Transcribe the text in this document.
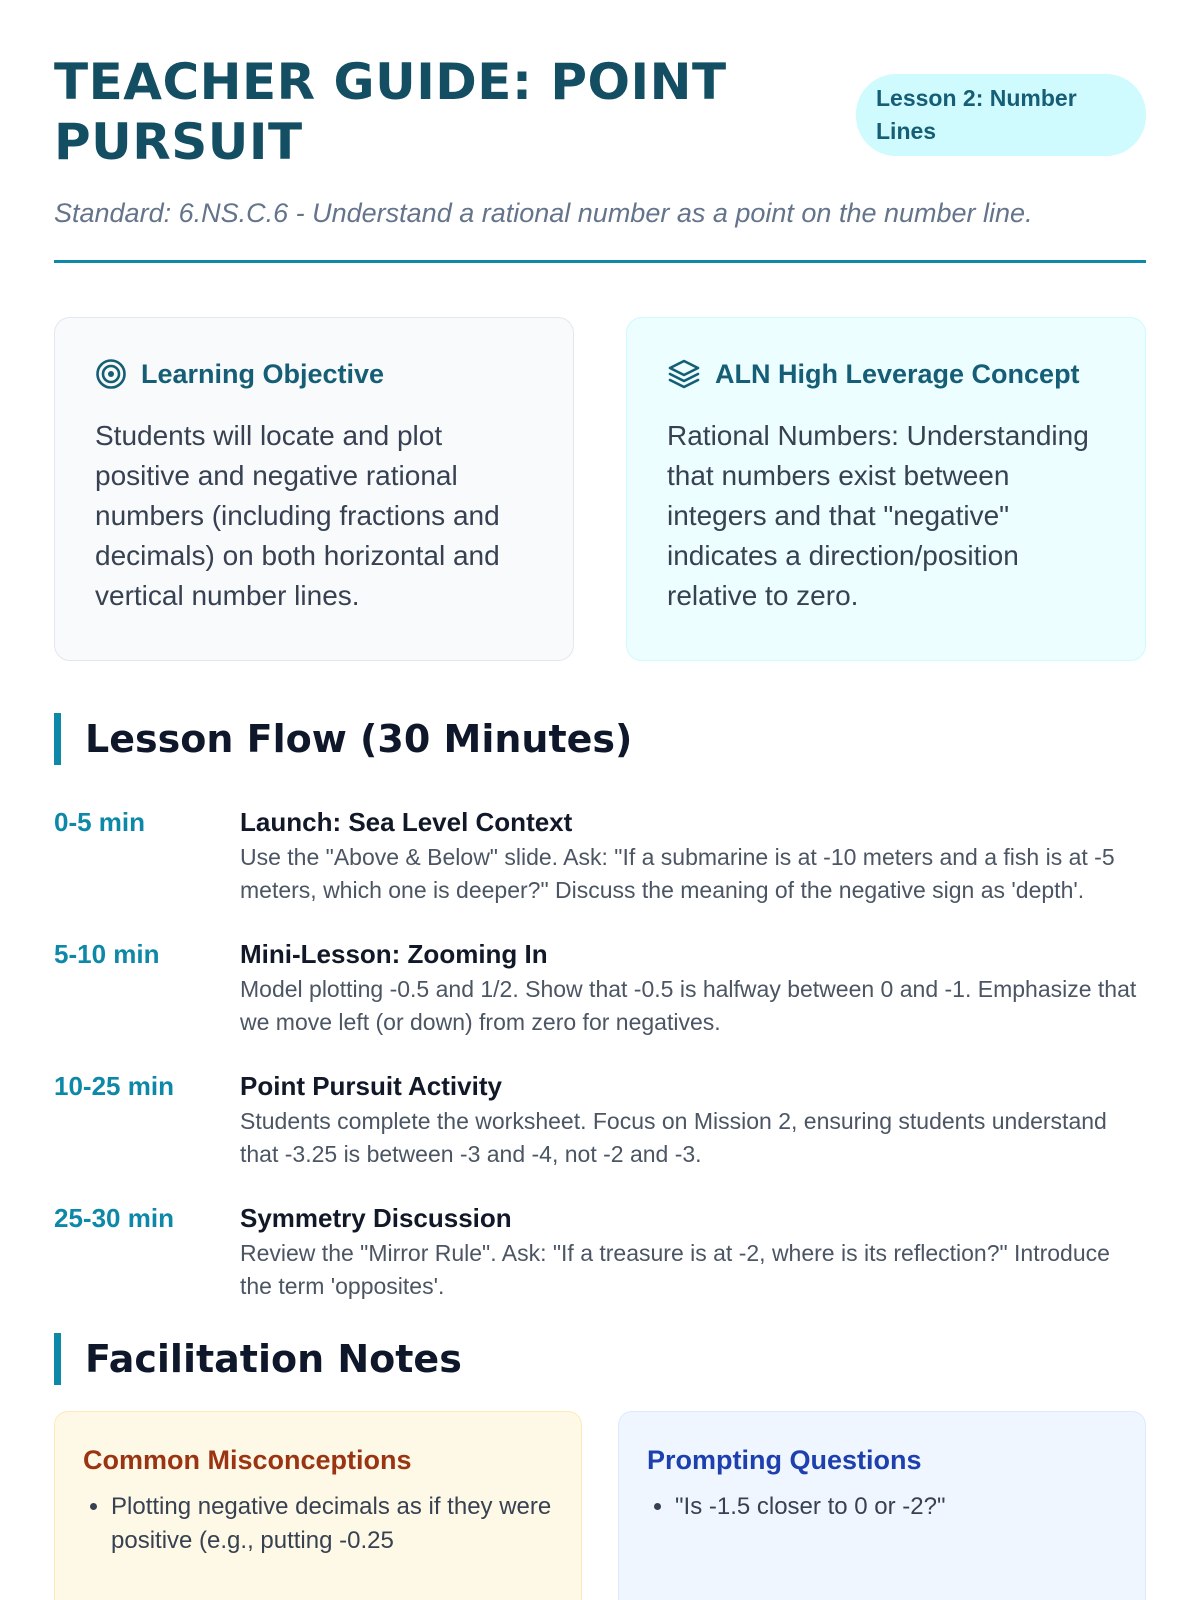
TEACHER GUIDE: POINT PURSUIT
Lesson 2: Number Lines

Standard: 6.NS.C.6 - Understand a rational number as a point on the number line.

Learning Objective

Students will locate and plot positive and negative rational numbers (including fractions and decimals) on both horizontal and vertical number lines.

ALN High Leverage Concept

Rational Numbers: Understanding that numbers exist between integers and that "negative" indicates a direction/position relative to zero.

Lesson Flow (30 Minutes)
0-5 min	Launch: Sea Level Context
Use the "Above & Below" slide. Ask: "If a submarine is at -10 meters and a fish is at -5 meters, which one is deeper?" Discuss the meaning of the negative sign as 'depth'.
5-10 min	Mini-Lesson: Zooming In
Model plotting -0.5 and 1/2. Show that -0.5 is halfway between 0 and -1. Emphasize that we move left (or down) from zero for negatives.
10-25 min	Point Pursuit Activity
Students complete the worksheet. Focus on Mission 2, ensuring students understand that -3.25 is between -3 and -4, not -2 and -3.
25-30 min	Symmetry Discussion
Review the "Mirror Rule". Ask: "If a treasure is at -2, where is its reflection?" Introduce the term 'opposites'.
Facilitation Notes
Common Misconceptions
• Plotting negative decimals as if they were positive (e.g., putting -0.25
Prompting Questions
• "Is -1.5 closer to 0 or -2?"
